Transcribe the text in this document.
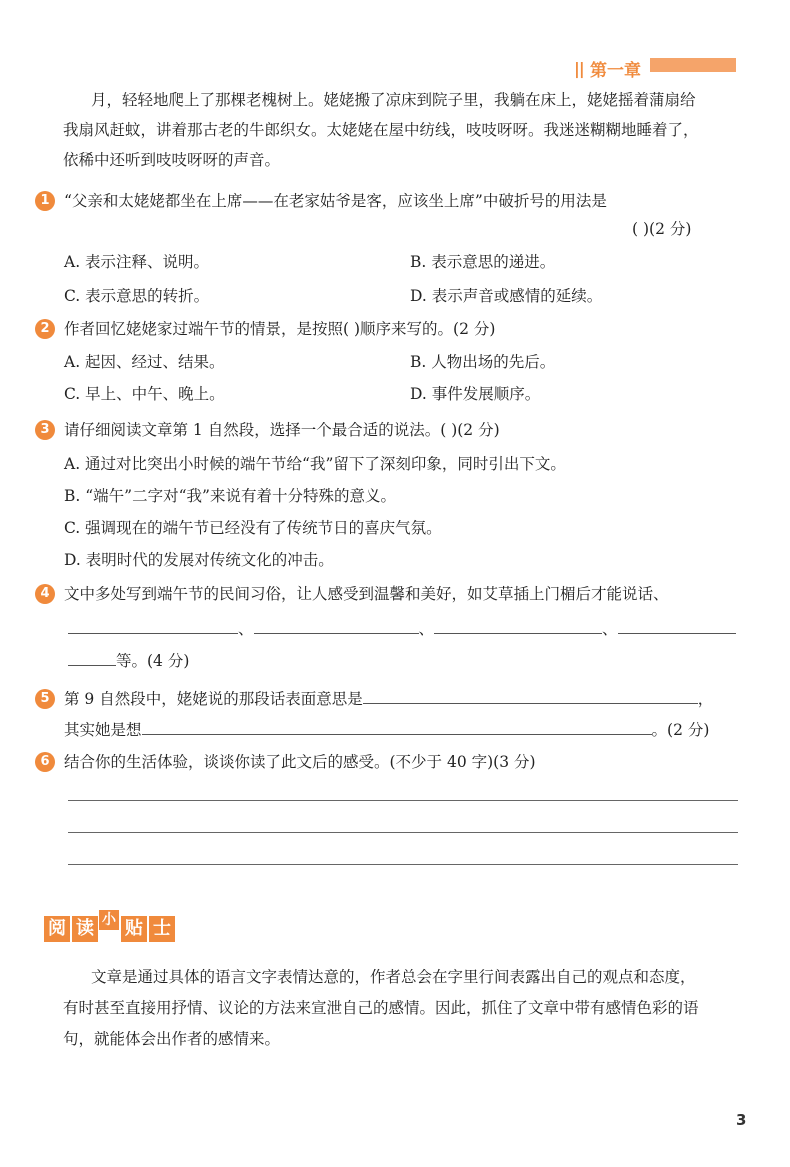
|| 第一章
月，轻轻地爬上了那棵老槐树上。姥姥搬了凉床到院子里，我躺在床上，姥姥摇着蒲扇给
我扇风赶蚊，讲着那古老的牛郎织女。太姥姥在屋中纺线，吱吱呀呀。我迷迷糊糊地睡着了，
依稀中还听到吱吱呀呀的声音。
1 “父亲和太姥姥都坐在上席——在老家姑爷是客，应该坐上席”中破折号的用法是
( )(2 分)
A. 表示注释、说明。	B. 表示意思的递进。
C. 表示意思的转折。	D. 表示声音或感情的延续。
2 作者回忆姥姥家过端午节的情景，是按照( )顺序来写的。(2 分)
A. 起因、经过、结果。	B. 人物出场的先后。
C. 早上、中午、晚上。	D. 事件发展顺序。
3 请仔细阅读文章第 1 自然段，选择一个最合适的说法。( )(2 分)
A. 通过对比突出小时候的端午节给“我”留下了深刻印象，同时引出下文。
B. “端午”二字对“我”来说有着十分特殊的意义。
C. 强调现在的端午节已经没有了传统节日的喜庆气氛。
D. 表明时代的发展对传统文化的冲击。
4 文中多处写到端午节的民间习俗，让人感受到温馨和美好，如艾草插上门楣后才能说话、
、	、	、
等。(4 分)
5 第 9 自然段中，姥姥说的那段话表面意思是	，
其实她是想	。(2 分)
6 结合你的生活体验，谈谈你读了此文后的感受。(不少于 40 字)(3 分)
阅 读 小 贴 士
文章是通过具体的语言文字表情达意的，作者总会在字里行间表露出自己的观点和态度，
有时甚至直接用抒情、议论的方法来宣泄自己的感情。因此，抓住了文章中带有感情色彩的语
句，就能体会出作者的感情来。
3
